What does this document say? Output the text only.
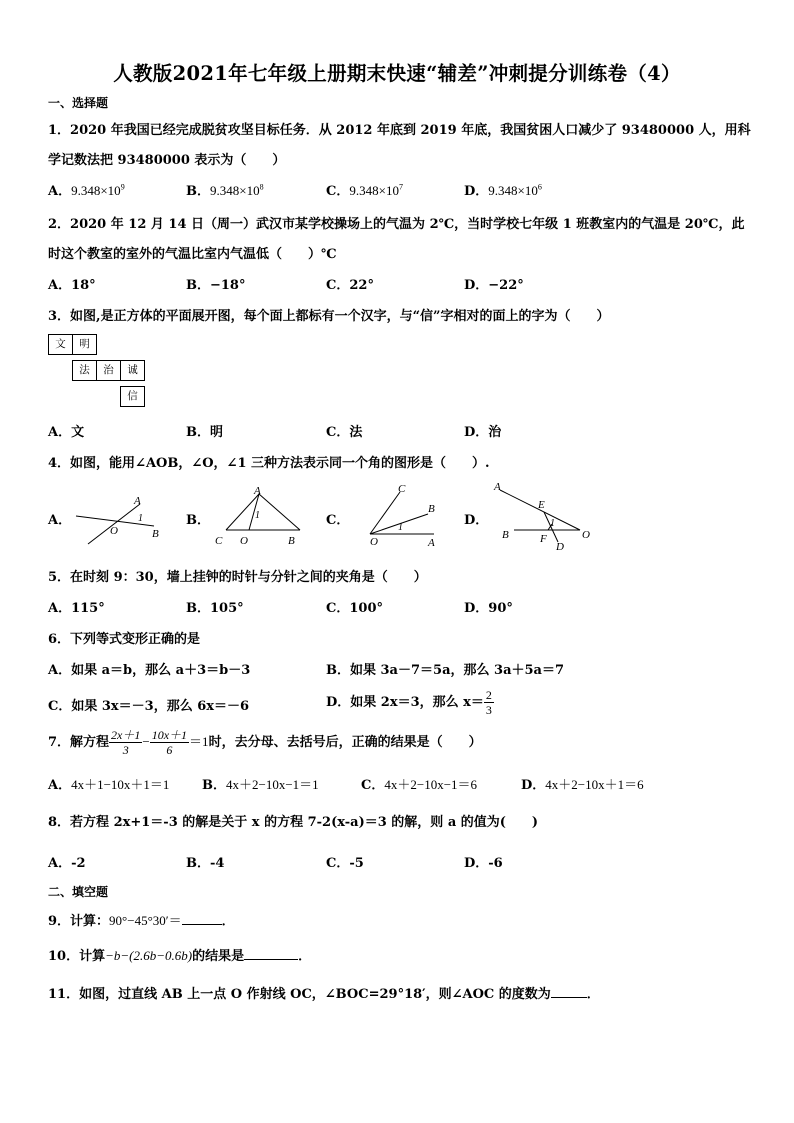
人教版2021年七年级上册期末快速“辅差”冲刺提分训练卷（4）
一、选择题
1．2020 年我国已经完成脱贫攻坚目标任务．从 2012 年底到 2019 年底，我国贫困人口减少了 93480000 人，用科
学记数法把 93480000 表示为（　　）
A．$9.348\times 10^9$	B．$9.348\times 10^8$	C．$9.348\times 10^7$	D．$9.348\times 10^6$
2．2020 年 12 月 14 日（周一）武汉市某学校操场上的气温为 2℃，当时学校七年级 1 班教室内的气温是 20℃，此
时这个教室的室外的气温比室内气温低（　　）℃
A．18°	B．−18°	C．22°	D．−22°
3．如图,是正方体的平面展开图，每个面上都标有一个汉字，与“信”字相对的面上的字为（　　）
文	明
法	治	诚
信
A．文	B．明	C．法	D．治
4．如图，能用∠AOB，∠O，∠1 三种方法表示同一个角的图形是（　　）.
A．	B．	C．	D．
A
1
O	B
A
1
C O	B
C
B
1
O	A
A
E
1
B	F
D
O
5．在时刻 9：30，墙上挂钟的时针与分针之间的夹角是（　　）
A．115°	B．105°	C．100°	D．90°
6．下列等式变形正确的是
A．如果 a＝b，那么 a＋3＝b－3	B．如果 3a－7＝5a，那么 3a＋5a＝7
C．如果 3x＝－3，那么 6x＝－6	D．如果 2x＝3，那么 $x= \frac{2}{3}$
7．解方程 $\frac{2x+1}{3} - \frac{10x+1}{6} =1$时，去分母、去括号后，正确的结果是（　　）
A．4x＋1−10x＋1＝1	B．4x＋2−10x−1＝1	C．4x＋2−10x−1＝6	D．4x＋2−10x＋1＝6
8．若方程 2x+1＝-3 的解是关于 x 的方程 7-2(x-a)＝3 的解，则 a 的值为(　　)
A．-2	B．-4	C．-5	D．-6
二、填空题
9．计算：90°−45°30′＝	．
10．计算−b−(2.6b−0.6b)的结果是	．
11．如图，过直线 AB 上一点 O 作射线 OC，∠BOC=29°18′，则∠AOC 的度数为	．
